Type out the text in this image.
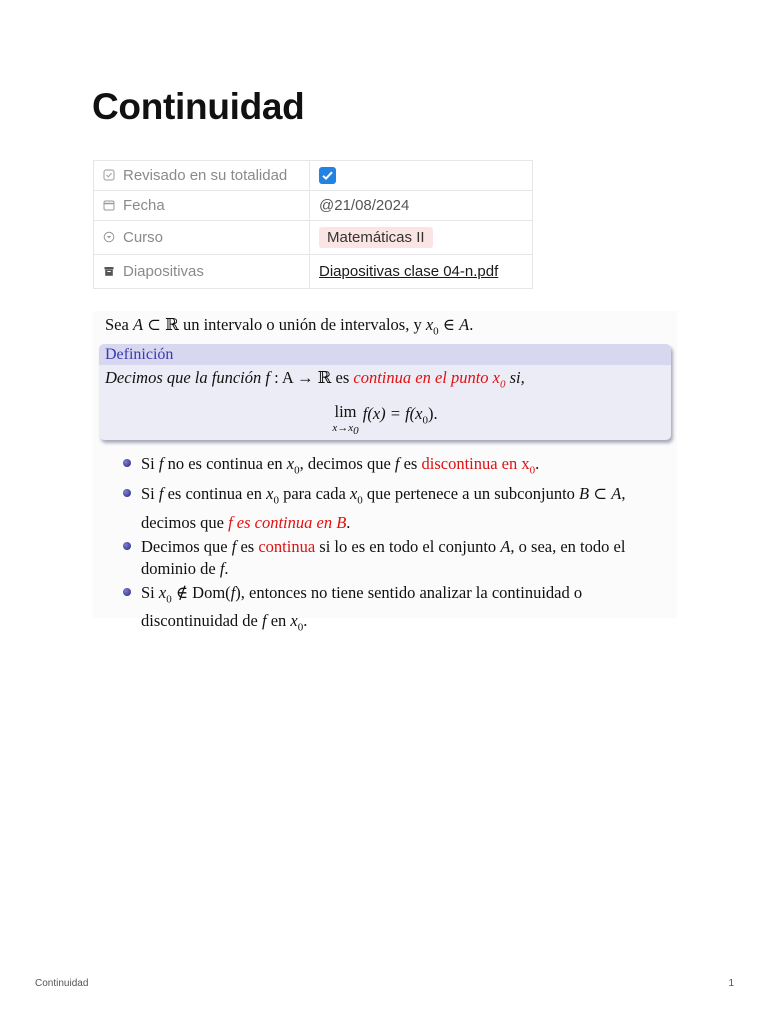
Continuidad
Revisado en su totalidad	

Fecha	@21/08/2024
Curso	Matemáticas II
Diapositivas	Diapositivas clase 04-n.pdf
Sea A ⊂ ℝ un intervalo o unión de intervalos, y $x_0$ ∈ A.
Definición
Decimos que la función f : A → ℝ es continua en el punto $x_0$ si,
lim
$x\to x_0$
$f(x) = f(x_0)$.
Si f no es continua en $x_0$, decimos que f es discontinua en $x_0$.
Si f es continua en $x_0$ para cada $x_0$ que pertenece a un subconjunto B ⊂ A, decimos que f es continua en B.
Decimos que f es continua si lo es en todo el conjunto A, o sea, en todo el dominio de f.
Si $x_0$ ∉ Dom(f), entonces no tiene sentido analizar la continuidad o discontinuidad de f en $x_0$.
Continuidad	1
